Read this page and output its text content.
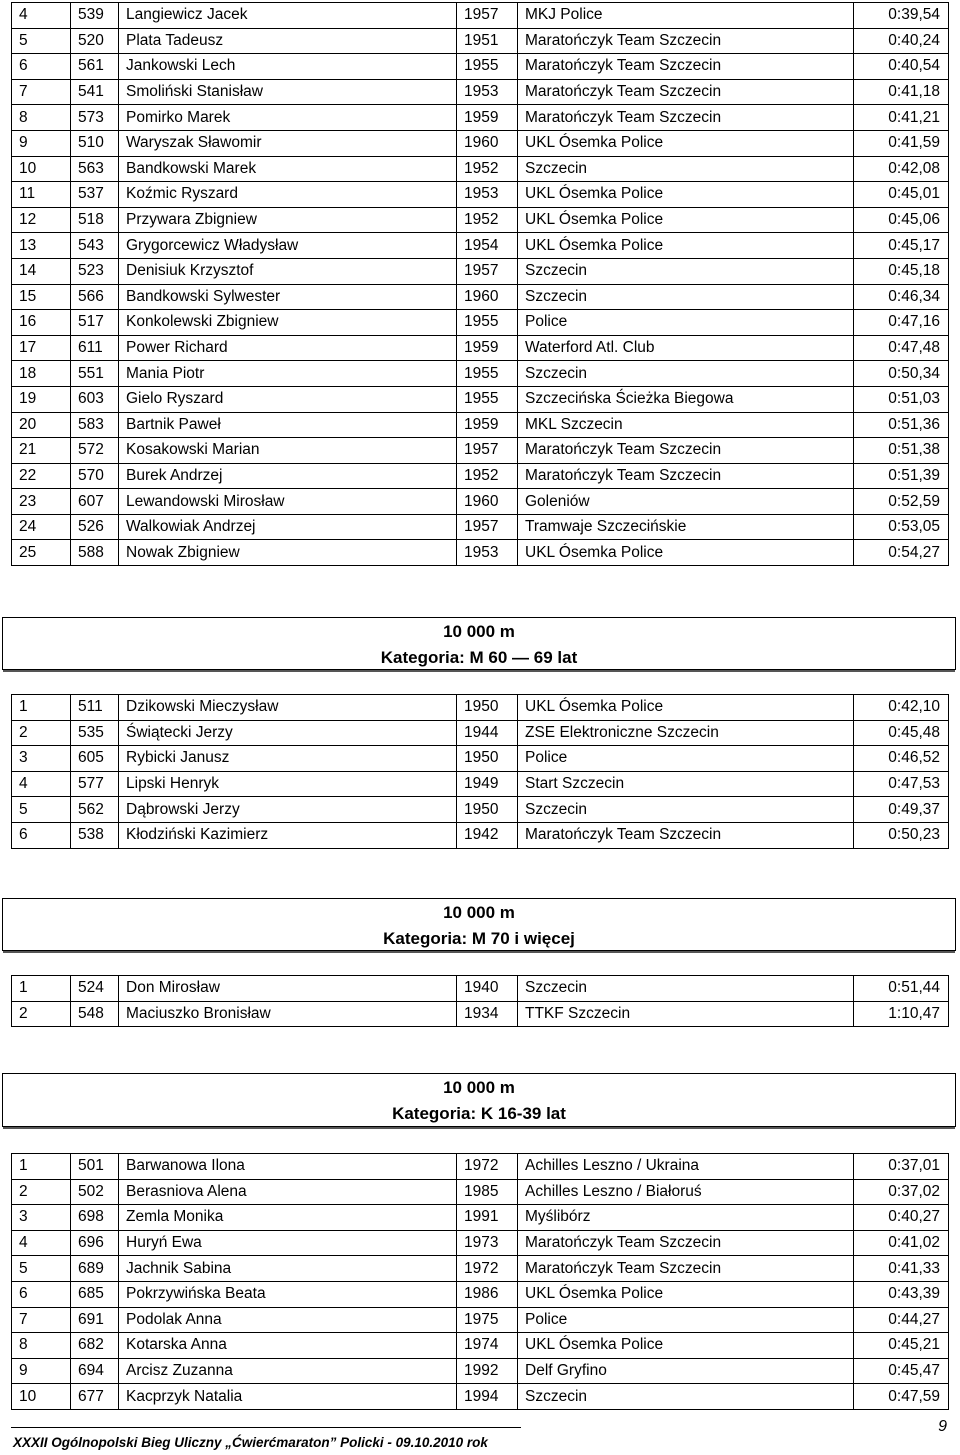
4	539	Langiewicz Jacek	1957	MKJ Police	0:39,54
5	520	Plata Tadeusz	1951	Maratończyk Team Szczecin	0:40,24
6	561	Jankowski Lech	1955	Maratończyk Team Szczecin	0:40,54
7	541	Smoliński Stanisław	1953	Maratończyk Team Szczecin	0:41,18
8	573	Pomirko Marek	1959	Maratończyk Team Szczecin	0:41,21
9	510	Waryszak Sławomir	1960	UKL Ósemka Police	0:41,59
10	563	Bandkowski Marek	1952	Szczecin	0:42,08
11	537	Koźmic Ryszard	1953	UKL Ósemka Police	0:45,01
12	518	Przywara Zbigniew	1952	UKL Ósemka Police	0:45,06
13	543	Grygorcewicz Władysław	1954	UKL Ósemka Police	0:45,17
14	523	Denisiuk Krzysztof	1957	Szczecin	0:45,18
15	566	Bandkowski Sylwester	1960	Szczecin	0:46,34
16	517	Konkolewski Zbigniew	1955	Police	0:47,16
17	611	Power Richard	1959	Waterford Atl. Club	0:47,48
18	551	Mania Piotr	1955	Szczecin	0:50,34
19	603	Gielo Ryszard	1955	Szczecińska Ścieżka Biegowa	0:51,03
20	583	Bartnik Paweł	1959	MKL Szczecin	0:51,36
21	572	Kosakowski Marian	1957	Maratończyk Team Szczecin	0:51,38
22	570	Burek Andrzej	1952	Maratończyk Team Szczecin	0:51,39
23	607	Lewandowski Mirosław	1960	Goleniów	0:52,59
24	526	Walkowiak Andrzej	1957	Tramwaje Szczecińskie	0:53,05
25	588	Nowak Zbigniew	1953	UKL Ósemka Police	0:54,27
10 000 m
Kategoria: M 60 — 69 lat
1	511	Dzikowski Mieczysław	1950	UKL Ósemka Police	0:42,10
2	535	Świątecki Jerzy	1944	ZSE Elektroniczne Szczecin	0:45,48
3	605	Rybicki Janusz	1950	Police	0:46,52
4	577	Lipski Henryk	1949	Start Szczecin	0:47,53
5	562	Dąbrowski Jerzy	1950	Szczecin	0:49,37
6	538	Kłodziński Kazimierz	1942	Maratończyk Team Szczecin	0:50,23
10 000 m
Kategoria: M 70 i więcej
1	524	Don Mirosław	1940	Szczecin	0:51,44
2	548	Maciuszko Bronisław	1934	TTKF Szczecin	1:10,47
10 000 m
Kategoria: K 16-39 lat
1	501	Barwanowa Ilona	1972	Achilles Leszno / Ukraina	0:37,01
2	502	Berasniova Alena	1985	Achilles Leszno / Białoruś	0:37,02
3	698	Zemla Monika	1991	Myślibórz	0:40,27
4	696	Huryń Ewa	1973	Maratończyk Team Szczecin	0:41,02
5	689	Jachnik Sabina	1972	Maratończyk Team Szczecin	0:41,33
6	685	Pokrzywińska Beata	1986	UKL Ósemka Police	0:43,39
7	691	Podolak Anna	1975	Police	0:44,27
8	682	Kotarska Anna	1974	UKL Ósemka Police	0:45,21
9	694	Arcisz Zuzanna	1992	Delf Gryfino	0:45,47
10	677	Kacprzyk Natalia	1994	Szczecin	0:47,59
XXXII Ogólnopolski Bieg Uliczny „Ćwierćmaraton” Policki - 09.10.2010 rok
9
